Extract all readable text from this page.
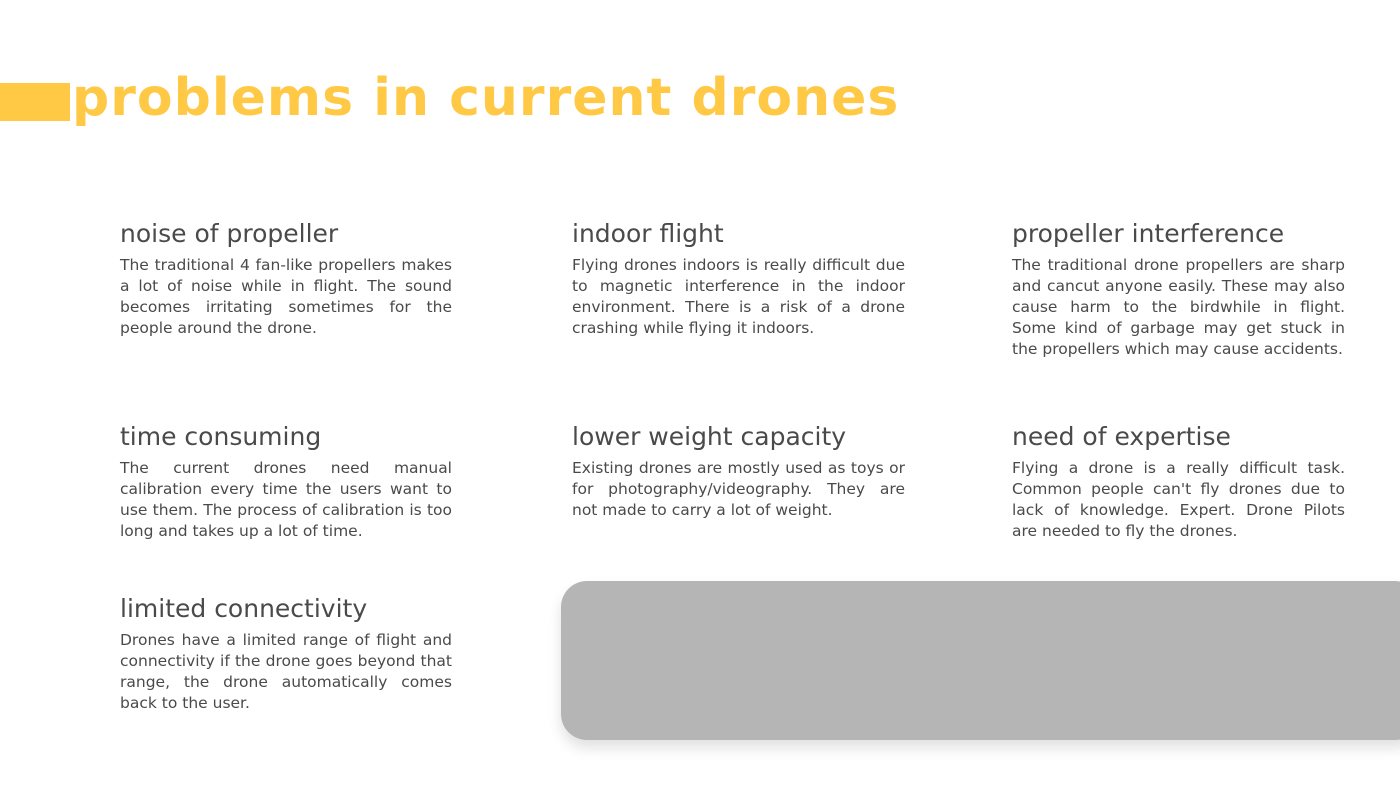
problems in current drones
noise of propeller

The traditional 4 fan-like propellers makes a lot of noise while in flight. The sound becomes irritating sometimes for the people around the drone.

indoor flight

Flying drones indoors is really difficult due to magnetic interference in the indoor environment. There is a risk of a drone crashing while flying it indoors.

propeller interference

The traditional drone propellers are sharp and cancut anyone easily. These may also cause harm to the birdwhile in flight. Some kind of garbage may get stuck in the propellers which may cause accidents.

time consuming

The current drones need manual calibration every time the users want to use them. The process of calibration is too long and takes up a lot of time.

lower weight capacity

Existing drones are mostly used as toys or for photography/videography. They are not made to carry a lot of weight.

need of expertise

Flying a drone is a really difficult task. Common people can't fly drones due to lack of knowledge. Expert. Drone Pilots are needed to fly the drones.

limited connectivity

Drones have a limited range of flight and connectivity if the drone goes beyond that range, the drone automatically comes back to the user.
